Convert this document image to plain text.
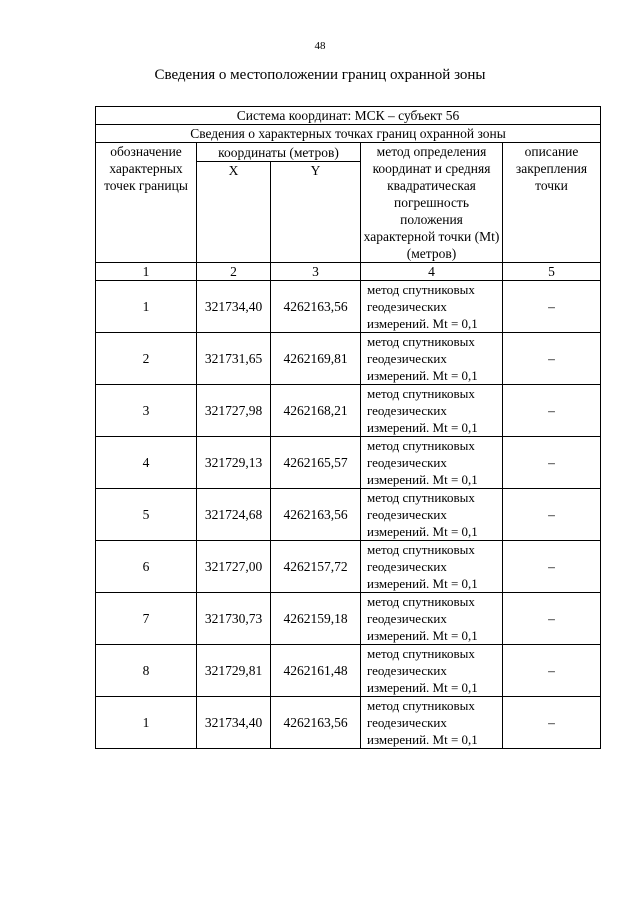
48
Сведения о местоположении границ охранной зоны
Система координат: МСК – субъект 56				
Сведения о характерных точках границ охранной зоны				
обозначение характерных точек границы	координаты (метров)		метод определения координат и средняя квадратическая погрешность положения характерной точки (Mt) (метров)	описание закрепления точки
	X	Y		
1	2	3	4	5
1	321734,40	4262163,56	метод спутниковых геодезических измерений. Mt = 0,1	–
2	321731,65	4262169,81	метод спутниковых геодезических измерений. Mt = 0,1	–
3	321727,98	4262168,21	метод спутниковых геодезических измерений. Mt = 0,1	–
4	321729,13	4262165,57	метод спутниковых геодезических измерений. Mt = 0,1	–
5	321724,68	4262163,56	метод спутниковых геодезических измерений. Mt = 0,1	–
6	321727,00	4262157,72	метод спутниковых геодезических измерений. Mt = 0,1	–
7	321730,73	4262159,18	метод спутниковых геодезических измерений. Mt = 0,1	–
8	321729,81	4262161,48	метод спутниковых геодезических измерений. Mt = 0,1	–
1	321734,40	4262163,56	метод спутниковых геодезических измерений. Mt = 0,1	–
